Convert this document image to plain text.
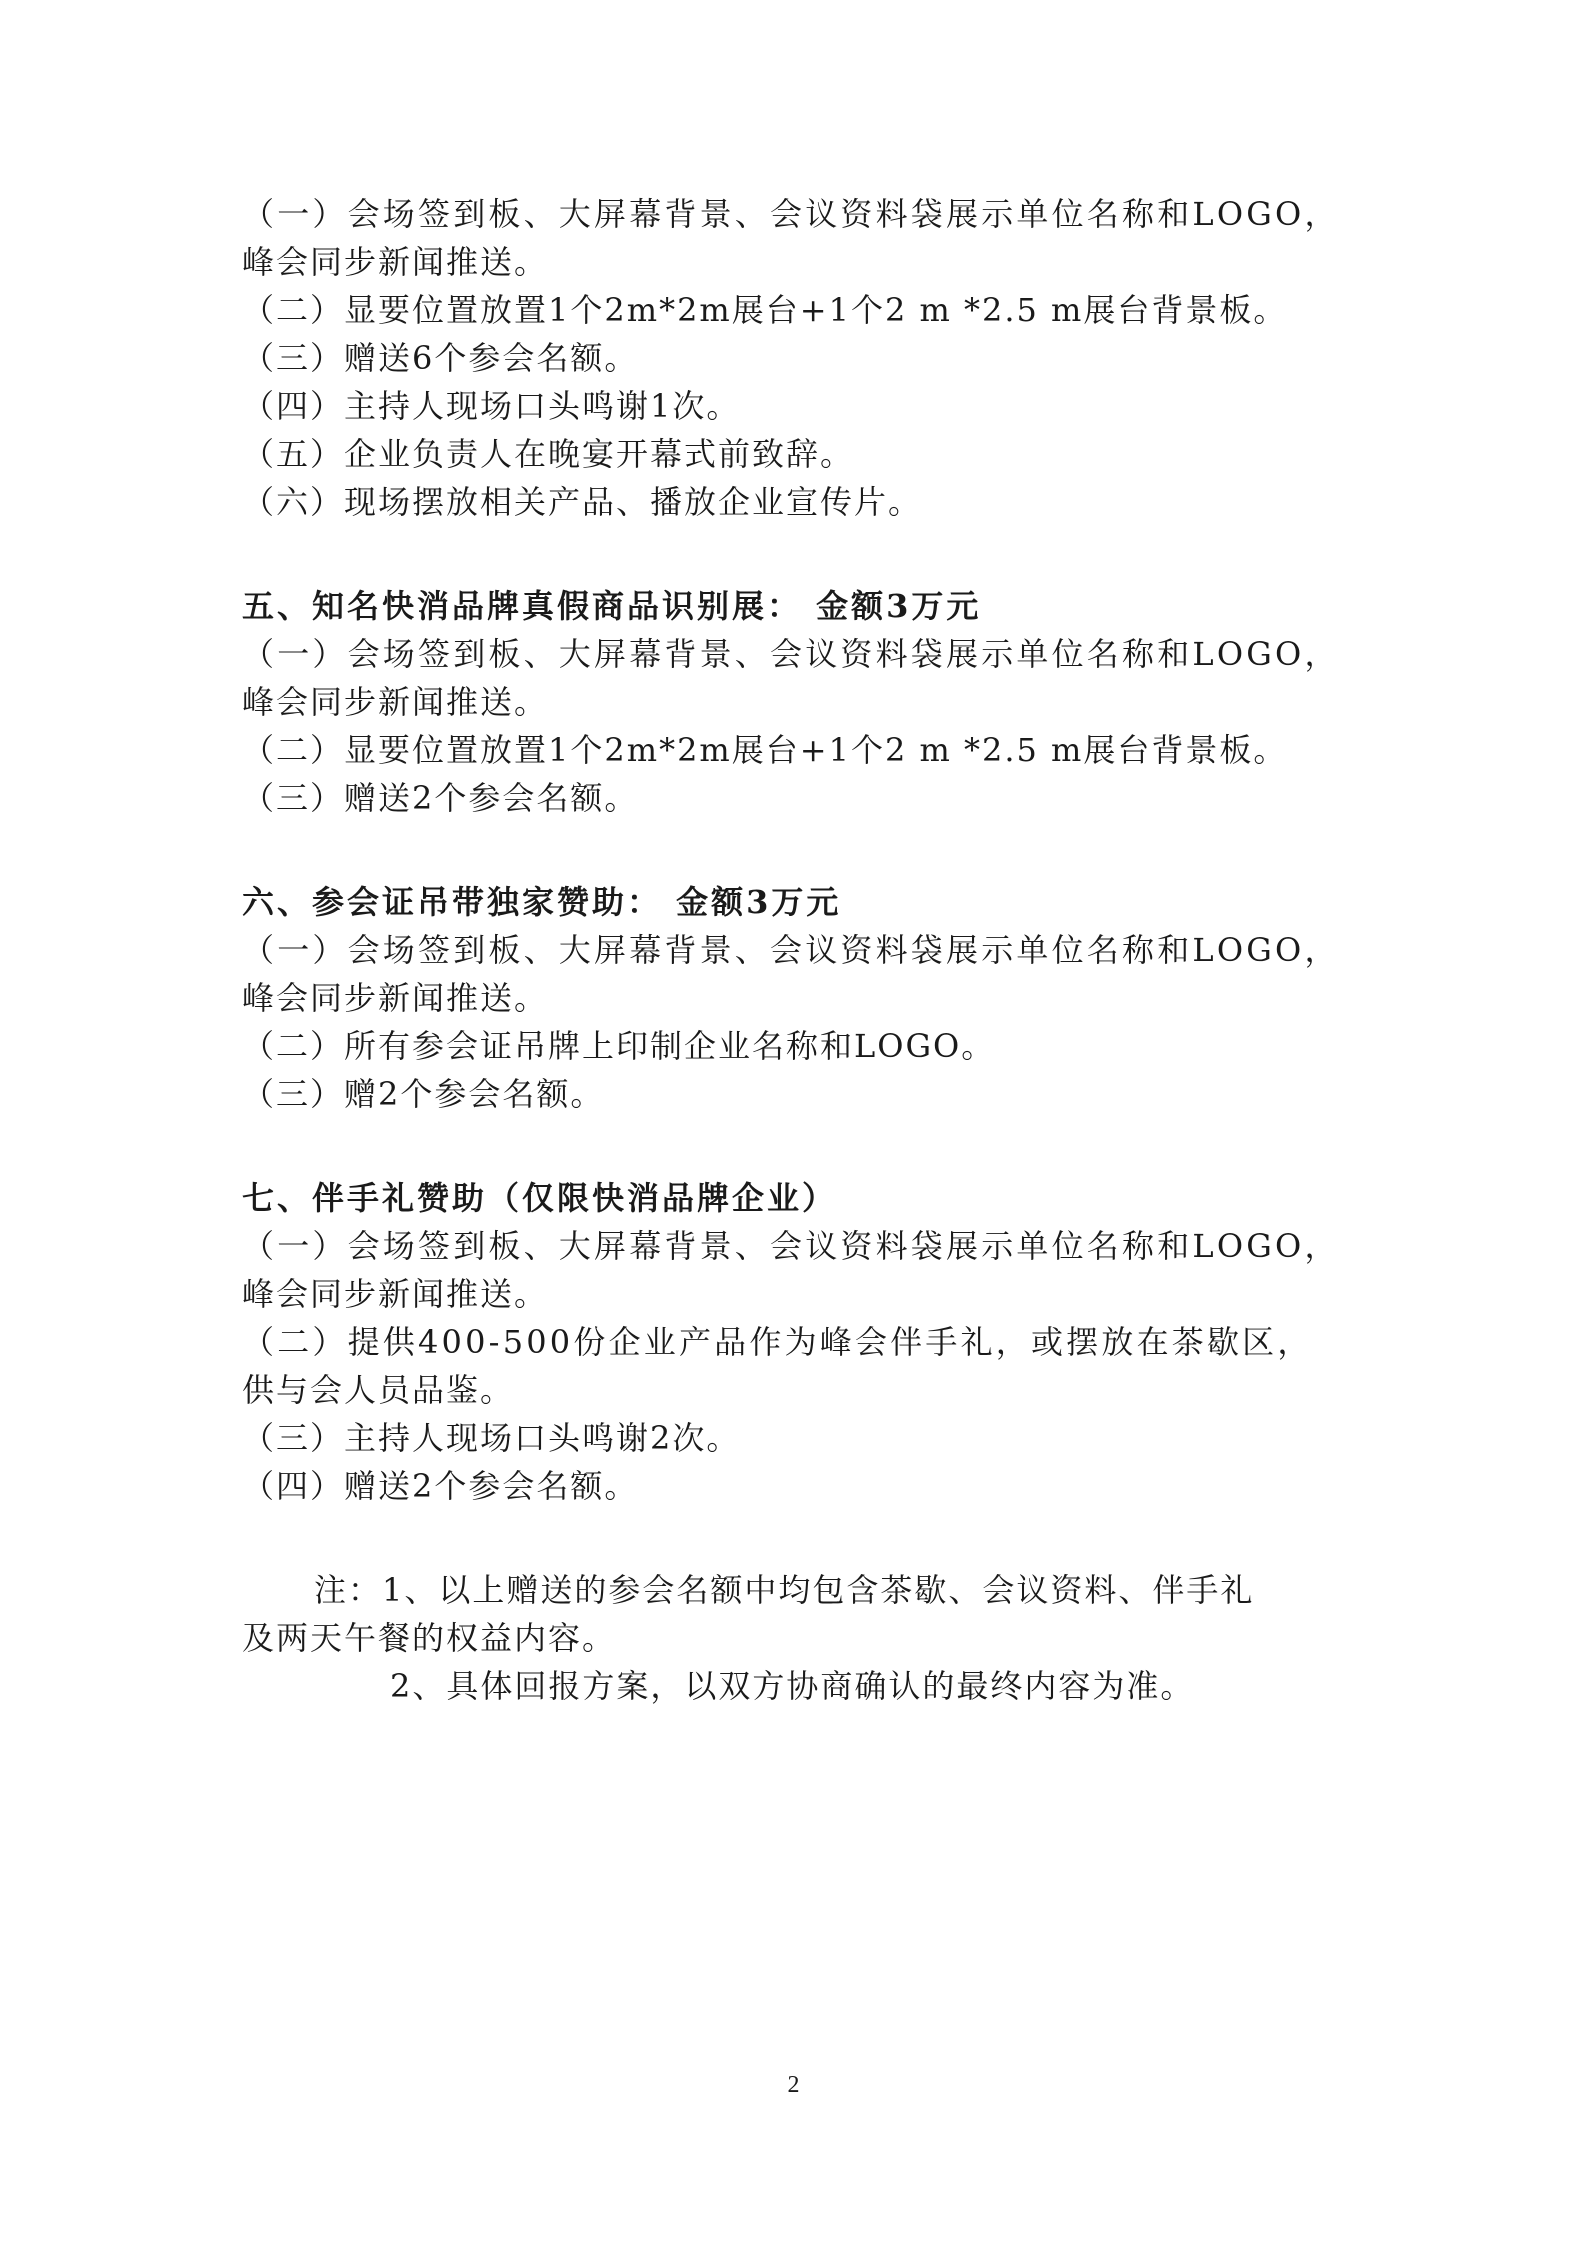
（一）会场签到板、大屏幕背景、会议资料袋展示单位名称和LOGO，
峰会同步新闻推送。
（二）显要位置放置1个2m*2m展台+1个2 m *2.5 m展台背景板。
（三）赠送6个参会名额。
（四）主持人现场口头鸣谢1次。
（五）企业负责人在晚宴开幕式前致辞。
（六）现场摆放相关产品、播放企业宣传片。
五、知名快消品牌真假商品识别展： 金额3万元
（一）会场签到板、大屏幕背景、会议资料袋展示单位名称和LOGO，
峰会同步新闻推送。
（二）显要位置放置1个2m*2m展台+1个2 m *2.5 m展台背景板。
（三）赠送2个参会名额。
六、参会证吊带独家赞助： 金额3万元
（一）会场签到板、大屏幕背景、会议资料袋展示单位名称和LOGO，
峰会同步新闻推送。
（二）所有参会证吊牌上印制企业名称和LOGO。
（三）赠2个参会名额。
七、伴手礼赞助（仅限快消品牌企业）
（一）会场签到板、大屏幕背景、会议资料袋展示单位名称和LOGO，
峰会同步新闻推送。
（二）提供400-500份企业产品作为峰会伴手礼，或摆放在茶歇区，
供与会人员品鉴。
（三）主持人现场口头鸣谢2次。
（四）赠送2个参会名额。
注：1、以上赠送的参会名额中均包含茶歇、会议资料、伴手礼
及两天午餐的权益内容。
2、具体回报方案，以双方协商确认的最终内容为准。
2
